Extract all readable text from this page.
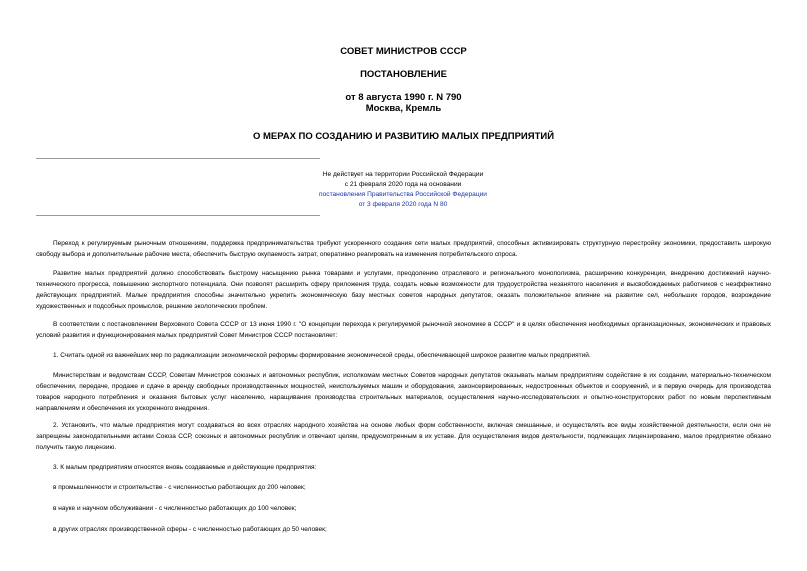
СОВЕТ МИНИСТРОВ СССР
ПОСТАНОВЛЕНИЕ
от 8 августа 1990 г. N 790
Москва, Кремль
О МЕРАХ ПО СОЗДАНИЮ И РАЗВИТИЮ МАЛЫХ ПРЕДПРИЯТИЙ
Не действует на территории Российской Федерации
с 21 февраля 2020 года на основании
постановления Правительства Российской Федерации
от 3 февраля 2020 года N 80

Переход к регулируемым рыночным отношениям, поддержка предпринимательства требуют ускоренного создания сети малых предприятий, способных активизировать структурную перестройку экономики, предоставить широкую свободу выбора и дополнительные рабочие места, обеспечить быструю окупаемость затрат, оперативно реагировать на изменения потребительского спроса.

Развитие малых предприятий должно способствовать быстрому насыщению рынка товарами и услугами, преодолению отраслевого и регионального монополизма, расширению конкуренции, внедрению достижений научно-технического прогресса, повышению экспортного потенциала. Они позволят расширить сферу приложения труда, создать новые возможности для трудоустройства незанятого населения и высвобождаемых работников с неэффективно действующих предприятий. Малые предприятия способны значительно укрепить экономическую базу местных советов народных депутатов, оказать положительное влияние на развитие сел, небольших городов, возрождение художественных и подсобных промыслов, решение экологических проблем.

В соответствии с постановлением Верховного Совета СССР от 13 июня 1990 г. "О концепции перехода к регулируемой рыночной экономике в СССР" и в целях обеспечения необходимых организационных, экономических и правовых условий развития и функционирования малых предприятий Совет Министров СССР постановляет:

1. Считать одной из важнейших мер по радикализации экономической реформы формирование экономической среды, обеспечивающей широкое развитие малых предприятий.

Министерствам и ведомствам СССР, Советам Министров союзных и автономных республик, исполкомам местных Советов народных депутатов оказывать малым предприятиям содействие в их создании, материально-техническом обеспечении, передаче, продаже и сдаче в аренду свободных производственных мощностей, неиспользуемых машин и оборудования, законсервированных, недостроенных объектов и сооружений, и в первую очередь для производства товаров народного потребления и оказания бытовых услуг населению, наращивания производства строительных материалов, осуществления научно-исследовательских и опытно-конструкторских работ по новым перспективным направлениям и обеспечения их ускоренного внедрения.

2. Установить, что малые предприятия могут создаваться во всех отраслях народного хозяйства на основе любых форм собственности, включая смешанные, и осуществлять все виды хозяйственной деятельности, если они не запрещены законодательными актами Союза ССР, союзных и автономных республик и отвечают целям, предусмотренным в их уставе. Для осуществления видов деятельности, подлежащих лицензированию, малое предприятие обязано получить такую лицензию.

3. К малым предприятиям относятся вновь создаваемые и действующие предприятия:

в промышленности и строительстве - с численностью работающих до 200 человек;

в науке и научном обслуживании - с численностью работающих до 100 человек;

в других отраслях производственной сферы - с численностью работающих до 50 человек;
